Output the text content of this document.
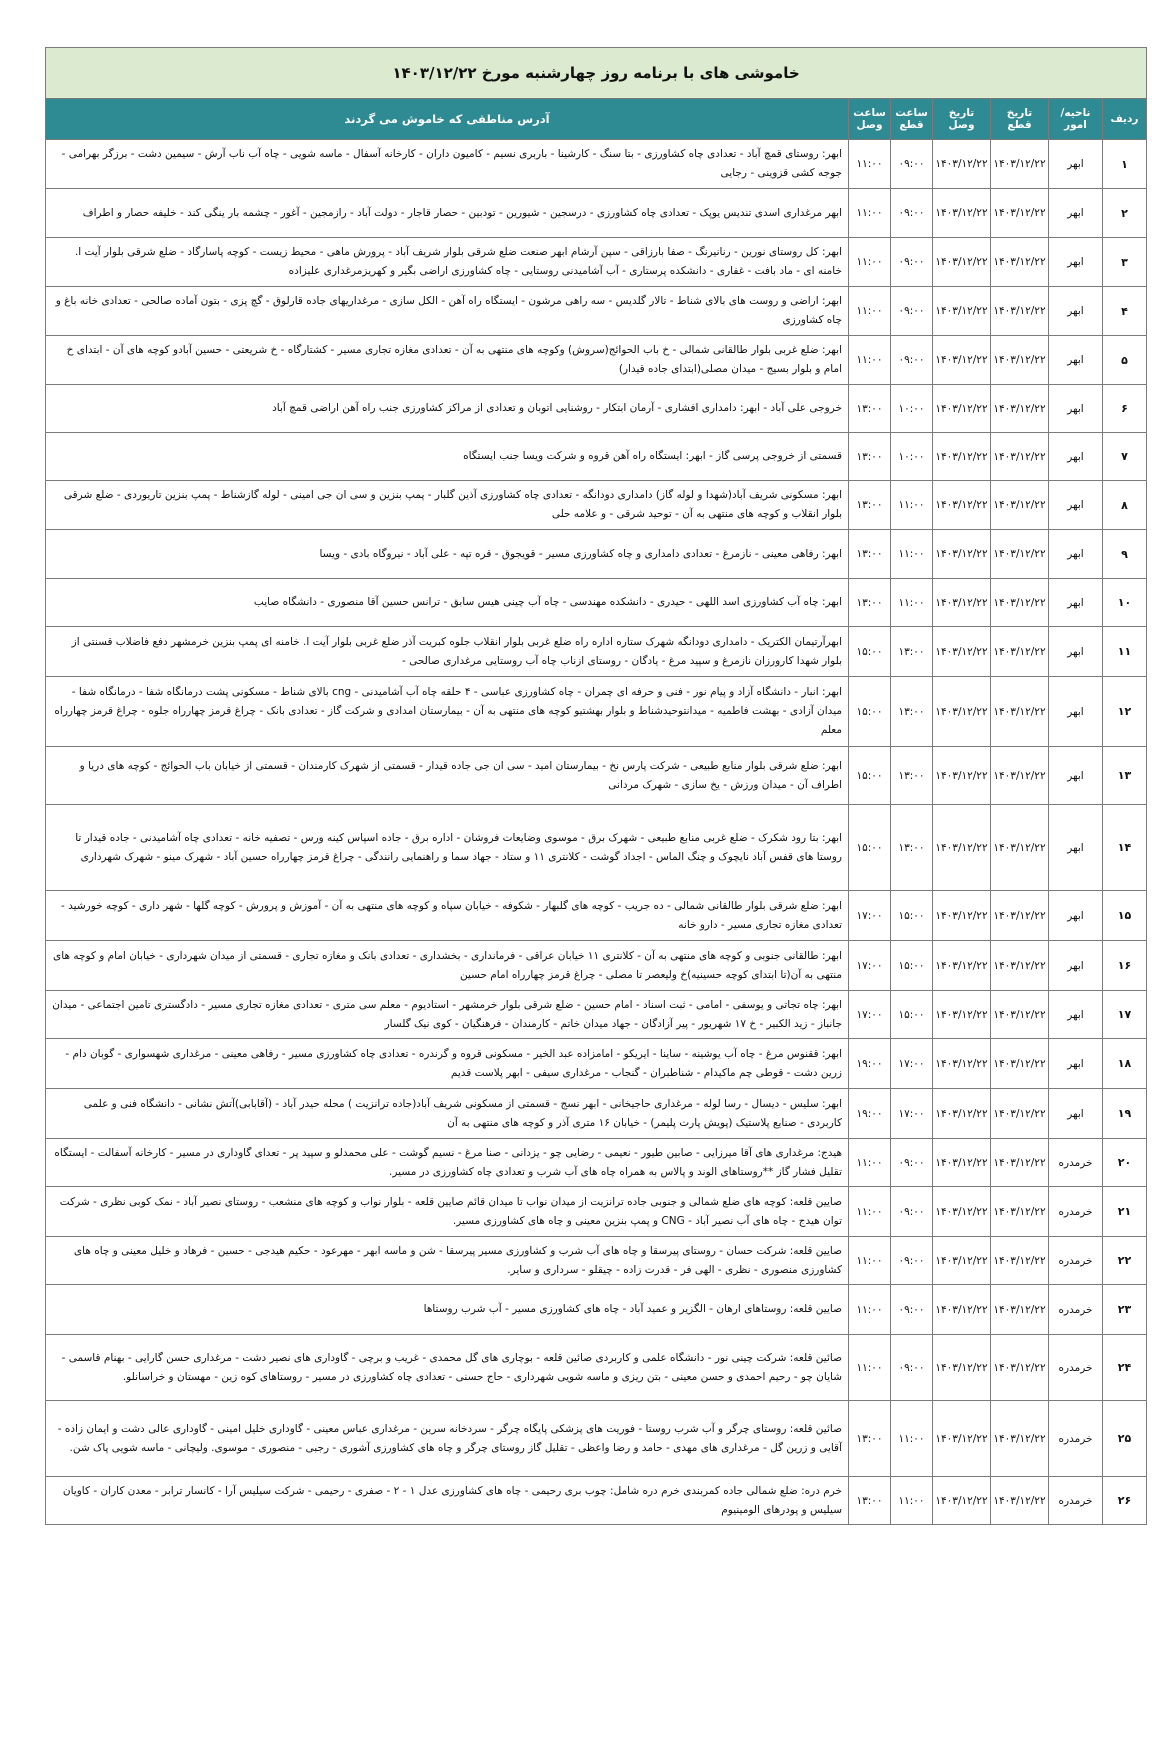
خاموشی های با برنامه روز چهارشنبه مورخ ۱۴۰۳/۱۲/۲۲
ردیف	ناحیه/امور	تاریخ قطع	تاریخ وصل	ساعت قطع	ساعت وصل	آدرس مناطقی که خاموش می گردند
۱	ابهر	۱۴۰۳/۱۲/۲۲	۱۴۰۳/۱۲/۲۲	۰۹:۰۰	۱۱:۰۰	ابهر: روستای قمچ آباد - تعدادی چاه کشاورزی - بتا سنگ - کارشینا - باربری نسیم - کامیون داران - کارخانه آسفال - ماسه شویی - چاه آب ناب آرش - سیمین دشت - برزگر بهرامی - جوجه کشی قزوینی - رجایی
۲	ابهر	۱۴۰۳/۱۲/۲۲	۱۴۰۳/۱۲/۲۲	۰۹:۰۰	۱۱:۰۰	ابهر مرغداری اسدی تندیس یوپک - تعدادی چاه کشاورزی - درسجین - شیورین - تودبین - حصار قاجار - دولت آباد - رازمجین - آغور - چشمه بار ینگی کند - خلیفه حصار و اطراف
۳	ابهر	۱۴۰۳/۱۲/۲۲	۱۴۰۳/۱۲/۲۲	۰۹:۰۰	۱۱:۰۰	ابهر: کل روستای نورین - رنانیرنگ - صفا بارزاقی - سپن آرشام ابهر صنعت ضلع شرقی بلوار شریف آباد - پرورش ماهی - محیط زیست - کوچه پاسارگاد - ضلع شرقی بلوار آیت ا. خامنه ای - ماد بافت - غفاری - دانشکده پرستاری - آب آشامیدنی روستایی - چاه کشاورزی اراضی بگیر و کهریزمرغداری علیزاده
۴	ابهر	۱۴۰۳/۱۲/۲۲	۱۴۰۳/۱۲/۲۲	۰۹:۰۰	۱۱:۰۰	ابهر: اراضی و روست های بالای شناط - تالار گلدیس - سه راهی مرشون - ایستگاه راه آهن - الکل سازی - مرغداریهای جاده قارلوق - گچ پزی - بتون آماده صالحی - تعدادی خانه باغ و چاه کشاورزی
۵	ابهر	۱۴۰۳/۱۲/۲۲	۱۴۰۳/۱۲/۲۲	۰۹:۰۰	۱۱:۰۰	ابهر: ضلع غربی بلوار طالقانی شمالی - خ باب الحوائج(سروش) وکوچه های منتهی به آن - تعدادی مغازه تجاری مسیر - کشتارگاه - خ شریعتی - حسین آبادو کوچه های آن - ابتدای خ امام و بلوار بسیج - میدان مصلی(ابتدای جاده قیدار)
۶	ابهر	۱۴۰۳/۱۲/۲۲	۱۴۰۳/۱۲/۲۲	۱۰:۰۰	۱۳:۰۰	خروجی علی آباد - ابهر: دامداری افشاری - آرمان ابتکار - روشنایی اتوبان و تعدادی از مراکز کشاورزی جنب راه آهن اراضی قمچ آباد
۷	ابهر	۱۴۰۳/۱۲/۲۲	۱۴۰۳/۱۲/۲۲	۱۰:۰۰	۱۳:۰۰	قسمتی از خروجی پرسی گاز - ابهر: ایستگاه راه آهن قروه و شرکت ویسا جنب ایستگاه
۸	ابهر	۱۴۰۳/۱۲/۲۲	۱۴۰۳/۱۲/۲۲	۱۱:۰۰	۱۳:۰۰	ابهر: مسکونی شریف آباد(شهدا و لوله گاز) دامداری دودانگه - تعدادی چاه کشاورزی آذین گلبار - پمپ بنزین و سی ان جی امینی - لوله گازشناط - پمپ بنزین تاریوردی - ضلع شرقی بلوار انقلاب و کوچه های منتهی به آن - توحید شرقی - و علامه حلی
۹	ابهر	۱۴۰۳/۱۲/۲۲	۱۴۰۳/۱۲/۲۲	۱۱:۰۰	۱۳:۰۰	ابهر: رفاهی معینی - نازمرغ - تعدادی دامداری و چاه کشاورزی مسیر - قویجوق - قره تپه - علی آباد - نیروگاه بادی - ویسا
۱۰	ابهر	۱۴۰۳/۱۲/۲۲	۱۴۰۳/۱۲/۲۲	۱۱:۰۰	۱۳:۰۰	ابهر: چاه آب کشاورزی اسد اللهی - حیدری - دانشکده مهندسی - چاه آب چینی هیس سابق - ترانس حسین آقا منصوری - دانشگاه صایب
۱۱	ابهر	۱۴۰۳/۱۲/۲۲	۱۴۰۳/۱۲/۲۲	۱۳:۰۰	۱۵:۰۰	ابهرآرتیمان الکتریک - دامداری دودانگه شهرک ستاره اداره راه ضلع غربی بلوار انقلاب جلوه کبریت آذر ضلع غربی بلوار آیت ا. خامنه ای پمپ بنزین خرمشهر دفع فاضلاب قسنتی از بلوار شهدا کارورزان نازمرغ و سپید مرغ - یادگان - روستای ازناب چاه آب روستایی مرغداری صالحی -
۱۲	ابهر	۱۴۰۳/۱۲/۲۲	۱۴۰۳/۱۲/۲۲	۱۳:۰۰	۱۵:۰۰	ابهر: انبار - دانشگاه آزاد و پیام نور - فنی و حرفه ای چمران - چاه کشاورزی عباسی - ۴ حلقه چاه آب آشامیدنی - cng بالای شناط - مسکونی پشت درمانگاه شفا - درمانگاه شفا - میدان آزادی - بهشت فاطمیه - میدانتوحیدشناط و بلوار بهشتیو کوچه های منتهی به آن - بیمارستان امدادی و شرکت گاز - تعدادی بانک - چراغ قرمز چهارراه جلوه - چراغ قرمز چهارراه معلم
۱۳	ابهر	۱۴۰۳/۱۲/۲۲	۱۴۰۳/۱۲/۲۲	۱۳:۰۰	۱۵:۰۰	ابهر: ضلع شرقی بلوار منابع طبیعی - شرکت پارس نخ - بیمارستان امید - سی ان جی جاده قیدار - قسمتی از شهرک کارمندان - قسمتی از خیابان باب الحوائج - کوچه های دریا و اطراف آن - میدان ورزش - یخ سازی - شهرک مردانی
۱۴	ابهر	۱۴۰۳/۱۲/۲۲	۱۴۰۳/۱۲/۲۲	۱۳:۰۰	۱۵:۰۰	ابهر: بتا رود شکرک - ضلع غربی منابع طبیعی - شهرک برق - موسوی وضایعات فروشان - اداره برق - جاده اسپاس کینه ورس - تصفیه خانه - تعدادی چاه آشامیدنی - جاده قیدار تا روستا های قفس آباد نایچوک و چنگ الماس - اجداد گوشت - کلانتری ۱۱ و ستاد - جهاد سما و راهنمایی رانندگی - چراغ قرمز چهارراه حسین آباد - شهرک مینو - شهرک شهرداری
۱۵	ابهر	۱۴۰۳/۱۲/۲۲	۱۴۰۳/۱۲/۲۲	۱۵:۰۰	۱۷:۰۰	ابهر: ضلع شرقی بلوار طالقانی شمالی - ده جریب - کوچه های گلبهار - شکوفه - خیابان سپاه و کوچه های منتهی به آن - آموزش و پرورش - کوچه گلها - شهر داری - کوچه خورشید - تعدادی مغازه تجاری مسیر - دارو خانه
۱۶	ابهر	۱۴۰۳/۱۲/۲۲	۱۴۰۳/۱۲/۲۲	۱۵:۰۰	۱۷:۰۰	ابهر: طالقانی جنوبی و کوچه های منتهی به آن - کلانتری ۱۱ خیابان عراقی - فرمانداری - بخشداری - تعدادی بانک و مغازه تجاری - قسمتی از میدان شهرداری - خیابان امام و کوچه های منتهی به آن(تا ابتدای کوچه حسینیه)خ ولیعصر تا مصلی - چراغ قرمز چهارراه امام حسین
۱۷	ابهر	۱۴۰۳/۱۲/۲۲	۱۴۰۳/۱۲/۲۲	۱۵:۰۰	۱۷:۰۰	ابهر: چاه تجاتی و یوسفی - امامی - ثبت اسناد - امام حسین - ضلع شرقی بلوار خرمشهر - استادیوم - معلم سی متری - تعدادی مغازه تجاری مسیر - دادگستری تامین اجتماعی - میدان جانباز - زید الکبیر - خ ۱۷ شهریور - پیر آزادگان - جهاد میدان خاتم - کارمندان - فرهنگیان - کوی نیک گلسار
۱۸	ابهر	۱۴۰۳/۱۲/۲۲	۱۴۰۳/۱۲/۲۲	۱۷:۰۰	۱۹:۰۰	ابهر: ققنوس مرغ - چاه آب یوشینه - ساینا - ایریکو - امامزاده عبد الخیر - مسکونی قروه و گرندره - تعدادی چاه کشاورزی مسیر - رفاهی معینی - مرغداری شهسواری - گوبان دام - زرین دشت - قوطی چم ماکیدام - شناطبران - گنجاب - مرغداری سیفی - ابهر پلاست قدیم
۱۹	ابهر	۱۴۰۳/۱۲/۲۲	۱۴۰۳/۱۲/۲۲	۱۷:۰۰	۱۹:۰۰	ابهر: سلیس - دیسال - رسا لوله - مرغداری حاجیخانی - ابهر نسج - قسمتی از مسکونی شریف آباد(جاده ترانزیت ) محله حیدر آباد - (آقابابی)آتش نشانی - دانشگاه فنی و علمی کاربردی - صنایع پلاستیک (پویش پارت پلیمر) - خیابان ۱۶ متری آذر و کوچه های منتهی به آن
۲۰	خرمدره	۱۴۰۳/۱۲/۲۲	۱۴۰۳/۱۲/۲۲	۰۹:۰۰	۱۱:۰۰	هیدج: مرغداری های آقا میرزایی - صابین طیور - نعیمی - رضایی چو - یزدانی - صنا مرغ - نسیم گوشت - علی محمدلو و سپید پر - تعدای گاوداری در مسیر - کارخانه آسفالت - ایستگاه تقلیل فشار گاز **روستاهای الوند و پالاس به همراه چاه های آب شرب و تعدادی چاه کشاورزی در مسیر.
۲۱	خرمدره	۱۴۰۳/۱۲/۲۲	۱۴۰۳/۱۲/۲۲	۰۹:۰۰	۱۱:۰۰	صایین قلعه: کوچه های ضلع شمالی و جنوبی جاده ترانزیت از میدان نواب تا میدان قائم صایین قلعه - بلوار نواب و کوچه های منشعب - روستای نصیر آباد - نمک کوبی نظری - شرکت توان هیدج - چاه های آب نصیر آباد - CNG و پمپ بنزین معینی و چاه های کشاورزی مسیر.
۲۲	خرمدره	۱۴۰۳/۱۲/۲۲	۱۴۰۳/۱۲/۲۲	۰۹:۰۰	۱۱:۰۰	صایین قلعه: شرکت حسان - روستای پیرسقا و چاه های آب شرب و کشاورزی مسیر پیرسقا - شن و ماسه ابهر - مهرعود - حکیم هیدجی - حسین - فرهاد و خلیل معینی و چاه های کشاورزی منصوری - نظری - الهی فر - قدرت زاده - چیقلو - سرداری و سایر.
۲۳	خرمدره	۱۴۰۳/۱۲/۲۲	۱۴۰۳/۱۲/۲۲	۰۹:۰۰	۱۱:۰۰	صایین قلعه: روستاهای ارهان - الگزیر و عمید آباد - چاه های کشاورزی مسیر - آب شرب روستاها
۲۴	خرمدره	۱۴۰۳/۱۲/۲۲	۱۴۰۳/۱۲/۲۲	۰۹:۰۰	۱۱:۰۰	صائین قلعه: شرکت چینی نور - دانشگاه علمی و کاربردی صائین قلعه - بوچاری های گل محمدی - غریب و برچی - گاوداری های نصیر دشت - مرغداری حسن گارایی - بهنام قاسمی - شایان چو - رحیم احمدی و حسن معینی - بتن ریزی و ماسه شویی شهرداری - حاج حسنی - تعدادی چاه کشاورزی در مسیر - روستاهای کوه زین - مهستان و خراسانلو.
۲۵	خرمدره	۱۴۰۳/۱۲/۲۲	۱۴۰۳/۱۲/۲۲	۱۱:۰۰	۱۳:۰۰	صائین قلعه: روستای چرگر و آب شرب روستا - فوریت های پزشکی پایگاه چرگر - سردخانه سرین - مرغداری عباس معینی - گاوداری خلیل امینی - گاوداری عالی دشت و ایمان زاده - آقایی و زرین گل - مرغداری های مهدی - حامد و رضا واعظی - تقلیل گاز روستای چرگر و چاه های کشاورزی آشوری - رجبی - منصوری - موسوی. ولیچانی - ماسه شویی پاک شن.
۲۶	خرمدره	۱۴۰۳/۱۲/۲۲	۱۴۰۳/۱۲/۲۲	۱۱:۰۰	۱۳:۰۰	خرم دره: ضلع شمالی جاده کمربندی خرم دره شامل: چوب بری رحیمی - چاه های کشاورزی عدل ۱ - ۲ - صفری - رحیمی - شرکت سیلیس آرا - کانسار ترابر - معدن کاران - کاویان سیلیس و پودرهای الومینیوم
